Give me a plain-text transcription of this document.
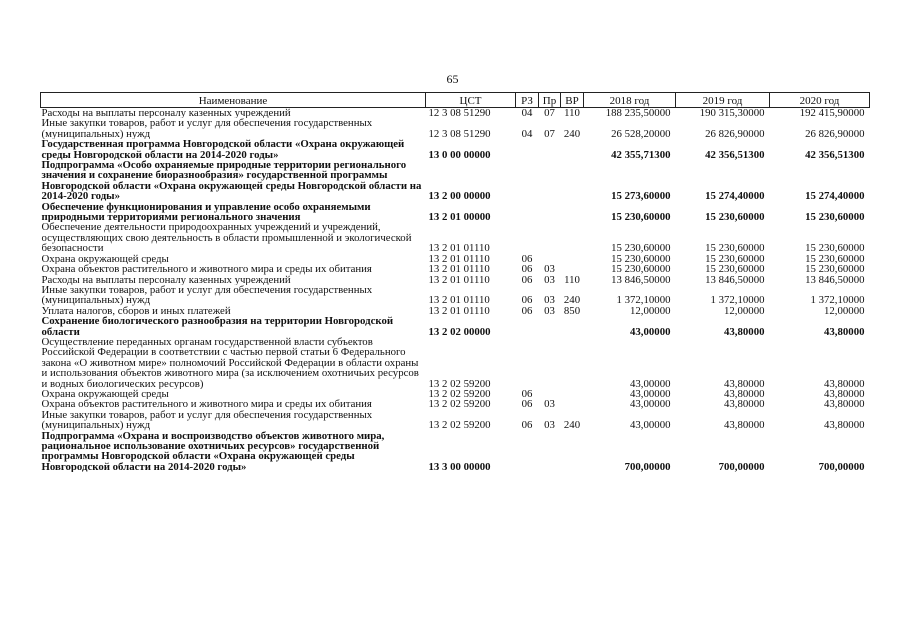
65
Наименование	ЦСТ	РЗ	Пр	ВР	2018 год	2019 год	2020 год
Расходы на выплаты персоналу казенных учреждений	12 3 08 51290	04	07	110	188 235,50000	190 315,30000	192 415,90000
Иные закупки товаров, работ и услуг для обеспечения государственных (муниципальных) нужд	12 3 08 51290	04	07	240	26 528,20000	26 826,90000	26 826,90000
Государственная программа Новгородской области «Охрана окружающей среды Новгородской области на 2014-2020 годы»	13 0 00 00000				42 355,71300	42 356,51300	42 356,51300
Подпрограмма «Особо охраняемые природные территории регионального значения и сохранение биоразнообразия» государственной программы Новгородской области «Охрана окружающей среды Новгородской области на 2014-2020 годы»	13 2 00 00000				15 273,60000	15 274,40000	15 274,40000
Обеспечение функционирования и управление особо охраняемыми природными территориями регионального значения	13 2 01 00000				15 230,60000	15 230,60000	15 230,60000
Обеспечение деятельности природоохранных учреждений и учреждений, осуществляющих свою деятельность в области промышленной и экологической безопасности	13 2 01 01110				15 230,60000	15 230,60000	15 230,60000
Охрана окружающей среды	13 2 01 01110	06			15 230,60000	15 230,60000	15 230,60000
Охрана объектов растительного и животного мира и среды их обитания	13 2 01 01110	06	03		15 230,60000	15 230,60000	15 230,60000
Расходы на выплаты персоналу казенных учреждений	13 2 01 01110	06	03	110	13 846,50000	13 846,50000	13 846,50000
Иные закупки товаров, работ и услуг для обеспечения государственных (муниципальных) нужд	13 2 01 01110	06	03	240	1 372,10000	1 372,10000	1 372,10000
Уплата налогов, сборов и иных платежей	13 2 01 01110	06	03	850	12,00000	12,00000	12,00000
Сохранение биологического разнообразия на территории Новгородской области	13 2 02 00000				43,00000	43,80000	43,80000
Осуществление переданных органам государственной власти субъектов Российской Федерации в соответствии с частью первой статьи 6 Федерального закона «О животном мире» полномочий Российской Федерации в области охраны и использования объектов животного мира (за исключением охотничьих ресурсов и водных биологических ресурсов)	13 2 02 59200				43,00000	43,80000	43,80000
Охрана окружающей среды	13 2 02 59200	06			43,00000	43,80000	43,80000
Охрана объектов растительного и животного мира и среды их обитания	13 2 02 59200	06	03		43,00000	43,80000	43,80000
Иные закупки товаров, работ и услуг для обеспечения государственных (муниципальных) нужд	13 2 02 59200	06	03	240	43,00000	43,80000	43,80000
Подпрограмма «Охрана и воспроизводство объектов животного мира, рациональное использование охотничьих ресурсов» государственной программы Новгородской области «Охрана окружающей среды Новгородской области на 2014-2020 годы»	13 3 00 00000				700,00000	700,00000	700,00000
